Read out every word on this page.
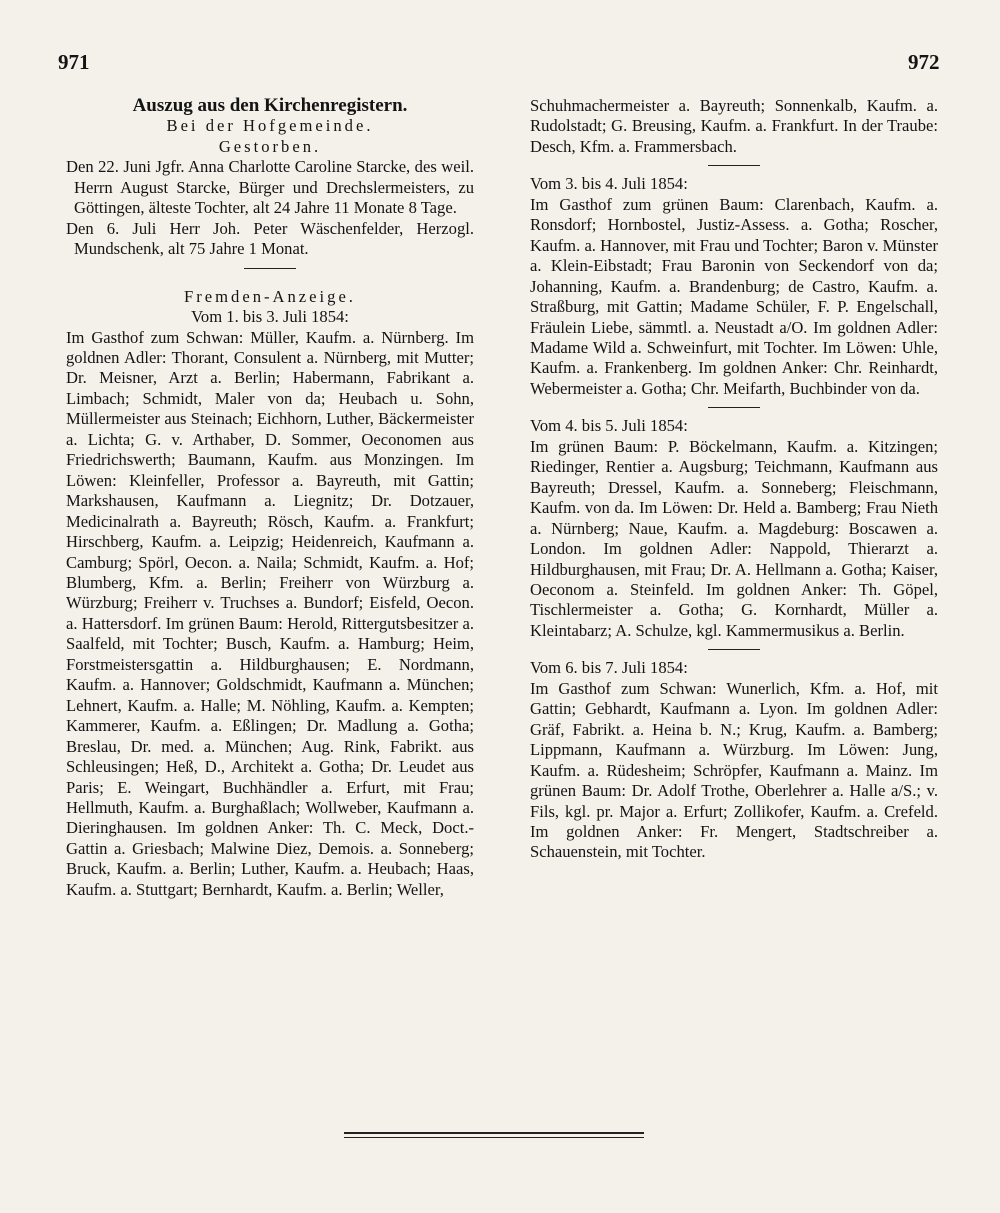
971	972

Auszug aus den Kirchenregistern.

Bei der Hofgemeinde.

Gestorben.

Den 22. Juni Jgfr. Anna Charlotte Caroline Starcke, des weil. Herrn August Starcke, Bürger und Drechslermeisters, zu Göttingen, älteste Tochter, alt 24 Jahre 11 Monate 8 Tage.

Den 6. Juli Herr Joh. Peter Wäschenfelder, Herzogl. Mundschenk, alt 75 Jahre 1 Monat.

Fremden-Anzeige.

Vom 1. bis 3. Juli 1854:

Im Gasthof zum Schwan: Müller, Kaufm. a. Nürnberg. Im goldnen Adler: Thorant, Consulent a. Nürnberg, mit Mutter; Dr. Meisner, Arzt a. Berlin; Habermann, Fabrikant a. Limbach; Schmidt, Maler von da; Heubach u. Sohn, Müllermeister aus Steinach; Eichhorn, Luther, Bäckermeister a. Lichta; G. v. Arthaber, D. Sommer, Oeconomen aus Friedrichswerth; Baumann, Kaufm. aus Monzingen. Im Löwen: Kleinfeller, Professor a. Bayreuth, mit Gattin; Markshausen, Kaufmann a. Liegnitz; Dr. Dotzauer, Medicinalrath a. Bayreuth; Rösch, Kaufm. a. Frankfurt; Hirschberg, Kaufm. a. Leipzig; Heidenreich, Kaufmann a. Camburg; Spörl, Oecon. a. Naila; Schmidt, Kaufm. a. Hof; Blumberg, Kfm. a. Berlin; Freiherr von Würzburg a. Würzburg; Freiherr v. Truchses a. Bundorf; Eisfeld, Oecon. a. Hattersdorf. Im grünen Baum: Herold, Rittergutsbesitzer a. Saalfeld, mit Tochter; Busch, Kaufm. a. Hamburg; Heim, Forstmeistersgattin a. Hildburghausen; E. Nordmann, Kaufm. a. Hannover; Goldschmidt, Kaufmann a. München; Lehnert, Kaufm. a. Halle; M. Nöhling, Kaufm. a. Kempten; Kammerer, Kaufm. a. Eßlingen; Dr. Madlung a. Gotha; Breslau, Dr. med. a. München; Aug. Rink, Fabrikt. aus Schleusingen; Heß, D., Architekt a. Gotha; Dr. Leudet aus Paris; E. Weingart, Buchhändler a. Erfurt, mit Frau; Hellmuth, Kaufm. a. Burghaßlach; Wollweber, Kaufmann a. Dieringhausen. Im goldnen Anker: Th. C. Meck, Doct.-Gattin a. Griesbach; Malwine Diez, Demois. a. Sonneberg; Bruck, Kaufm. a. Berlin; Luther, Kaufm. a. Heubach; Haas, Kaufm. a. Stuttgart; Bernhardt, Kaufm. a. Berlin; Weller,

Schuhmachermeister a. Bayreuth; Sonnenkalb, Kaufm. a. Rudolstadt; G. Breusing, Kaufm. a. Frankfurt. In der Traube: Desch, Kfm. a. Frammersbach.

Vom 3. bis 4. Juli 1854:

Im Gasthof zum grünen Baum: Clarenbach, Kaufm. a. Ronsdorf; Hornbostel, Justiz-Assess. a. Gotha; Roscher, Kaufm. a. Hannover, mit Frau und Tochter; Baron v. Münster a. Klein-Eibstadt; Frau Baronin von Seckendorf von da; Johanning, Kaufm. a. Brandenburg; de Castro, Kaufm. a. Straßburg, mit Gattin; Madame Schüler, F. P. Engelschall, Fräulein Liebe, sämmtl. a. Neustadt a/O. Im goldnen Adler: Madame Wild a. Schweinfurt, mit Tochter. Im Löwen: Uhle, Kaufm. a. Frankenberg. Im goldnen Anker: Chr. Reinhardt, Webermeister a. Gotha; Chr. Meifarth, Buchbinder von da.

Vom 4. bis 5. Juli 1854:

Im grünen Baum: P. Böckelmann, Kaufm. a. Kitzingen; Riedinger, Rentier a. Augsburg; Teichmann, Kaufmann aus Bayreuth; Dressel, Kaufm. a. Sonneberg; Fleischmann, Kaufm. von da. Im Löwen: Dr. Held a. Bamberg; Frau Nieth a. Nürnberg; Naue, Kaufm. a. Magdeburg: Boscawen a. London. Im goldnen Adler: Nappold, Thierarzt a. Hildburghausen, mit Frau; Dr. A. Hellmann a. Gotha; Kaiser, Oeconom a. Steinfeld. Im goldnen Anker: Th. Göpel, Tischlermeister a. Gotha; G. Kornhardt, Müller a. Kleintabarz; A. Schulze, kgl. Kammermusikus a. Berlin.

Vom 6. bis 7. Juli 1854:

Im Gasthof zum Schwan: Wunerlich, Kfm. a. Hof, mit Gattin; Gebhardt, Kaufmann a. Lyon. Im goldnen Adler: Gräf, Fabrikt. a. Heina b. N.; Krug, Kaufm. a. Bamberg; Lippmann, Kaufmann a. Würzburg. Im Löwen: Jung, Kaufm. a. Rüdesheim; Schröpfer, Kaufmann a. Mainz. Im grünen Baum: Dr. Adolf Trothe, Oberlehrer a. Halle a/S.; v. Fils, kgl. pr. Major a. Erfurt; Zollikofer, Kaufm. a. Crefeld. Im goldnen Anker: Fr. Mengert, Stadtschreiber a. Schauenstein, mit Tochter.
